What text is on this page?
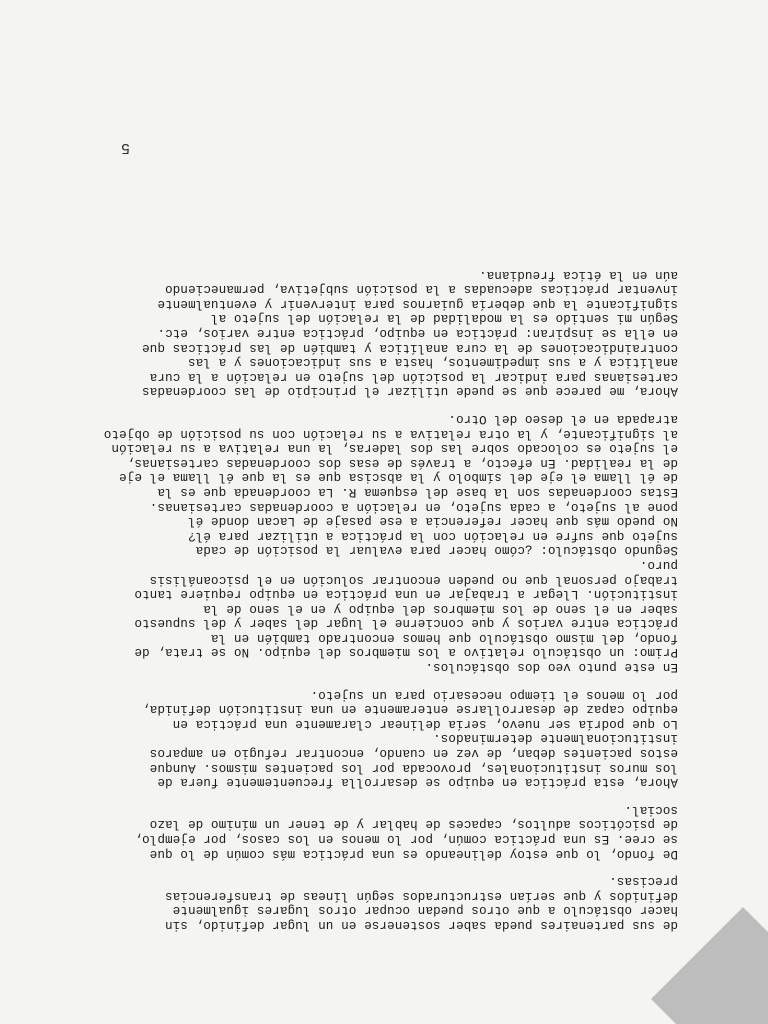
de sus partenaires pueda saber sostenerse en un lugar definido, sin
hacer obstáculo a que otros puedan ocupar otros lugares igualmente
definidos y que serían estructurados según líneas de transferencias
precisas.

De fondo, lo que estoy delineando es una práctica más común de lo que
se cree. Es una práctica común, por lo menos en los casos, por ejemplo,
de psicóticos adultos, capaces de hablar y de tener un mínimo de lazo
social.

Ahora, esta práctica en equipo se desarrolla frecuentemente fuera de
los muros institucionales, provocada por los pacientes mismos. Aunque
estos pacientes deban, de vez en cuando, encontrar refugio en amparos
institucionalmente determinados.

Lo que podría ser nuevo, sería delinear claramente una práctica en
equipo capaz de desarrollarse enteramente en una institución definida,
por lo menos el tiempo necesario para un sujeto.

En este punto veo dos obstáculos.

Primo: un obstáculo relativo a los miembros del equipo. No se trata, de
fondo, del mismo obstáculo que hemos encontrado también en la
práctica entre varios y que concierne el lugar del saber y del supuesto
saber en el seno de los miembros del equipo y en el seno de la
institución. Llegar a trabajar en una práctica en equipo requiere tanto
trabajo personal que no pueden encontrar solución en el psicoanálisis
puro.

Segundo obstáculo: ¿cómo hacer para evaluar la posición de cada
sujeto que sufre en relación con la práctica a utilizar para él?

No puedo más que hacer referencia a ese pasaje de Lacan donde él
pone al sujeto, a cada sujeto, en relación a coordenadas cartesianas.
Estas coordenadas son la base del esquema R. La coordenada que es la
de él llama el eje del símbolo y la abscisa que es la que él llama el eje
de la realidad. En efecto, a través de esas dos coordenadas cartesianas,
el sujeto es colocado sobre las dos laderas, la una relativa a su relación
al significante, y la otra relativa a su relación con su posición de objeto
atrapada en el deseo del Otro.

Ahora, me parece que se puede utilizar el principio de las coordenadas
cartesianas para indicar la posición del sujeto en relación a la cura
analítica y a sus impedimentos, hasta a sus indicaciones y a las
contraindicaciones de la cura analítica y también de las prácticas que
en ella se inspiran: práctica en equipo, práctica entre varios, etc.

Según mi sentido es la modalidad de la relación del sujeto al
significante la que debería guiarnos para intervenir y eventualmente
inventar prácticas adecuadas a la posición subjetiva, permaneciendo
aún en la ética freudiana.

5
